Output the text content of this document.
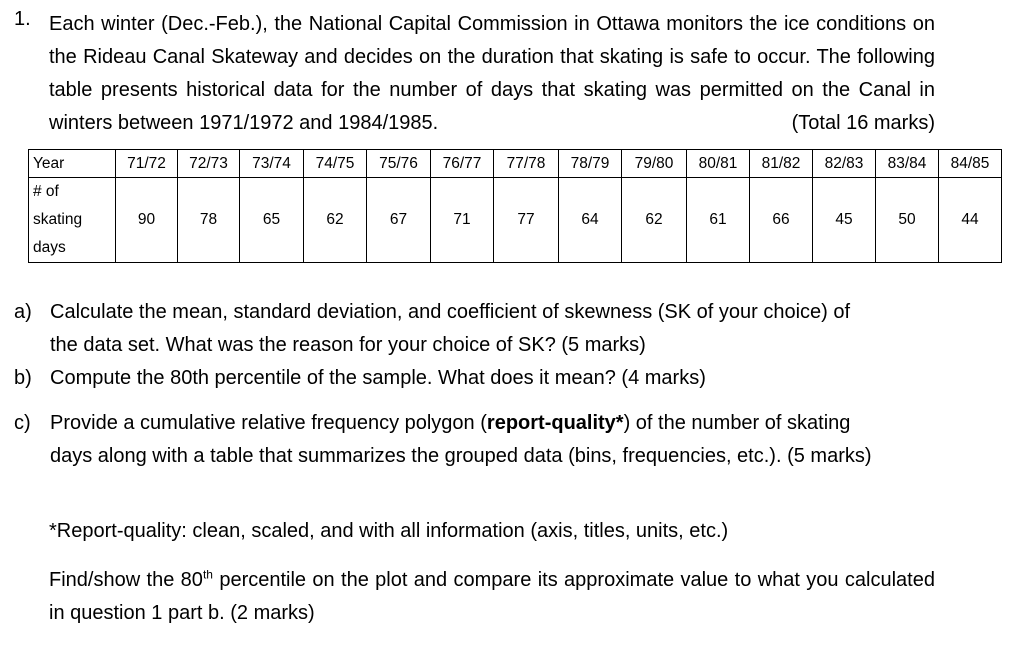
1. Each winter (Dec.-Feb.), the National Capital Commission in Ottawa monitors the ice conditions on the Rideau Canal Skateway and decides on the duration that skating is safe to occur. The following table presents historical data for the number of days that skating was permitted on the Canal in winters between 1971/1972 and 1984/1985.	(Total 16 marks)

Year	71/72	72/73	73/74	74/75	75/76	76/77	77/78	78/79	79/80	80/81	81/82	82/83	83/84	84/85
# of
skating
days	90	78	65	62	67	71	77	64	62	61	66	45	50	44
a) Calculate the mean, standard deviation, and coefficient of skewness (SK of your choice) of the data set. What was the reason for your choice of SK? (5 marks)
b) Compute the 80th percentile of the sample. What does it mean? (4 marks)
c) Provide a cumulative relative frequency polygon (report-quality*) of the number of skating days along with a table that summarizes the grouped data (bins, frequencies, etc.). (5 marks)
*Report-quality: clean, scaled, and with all information (axis, titles, units, etc.)
Find/show the 80th percentile on the plot and compare its approximate value to what you calculated in question 1 part b. (2 marks)
